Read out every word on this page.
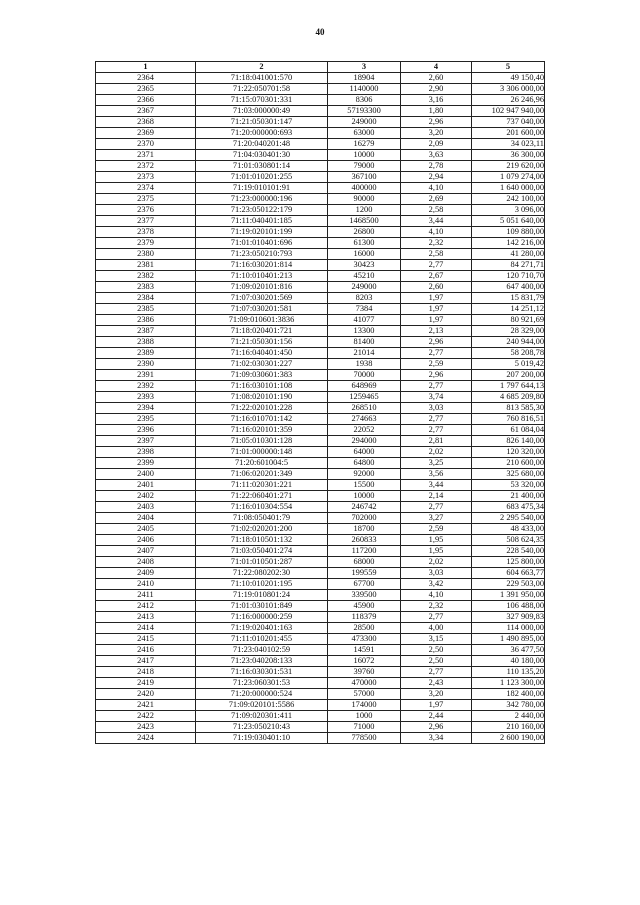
40
1	2	3	4	5
2364	71:18:041001:570	18904	2,60	49 150,40
2365	71:22:050701:58	1140000	2,90	3 306 000,00
2366	71:15:070301:331	8306	3,16	26 246,96
2367	71:03:000000:49	57193300	1,80	102 947 940,00
2368	71:21:050301:147	249000	2,96	737 040,00
2369	71:20:000000:693	63000	3,20	201 600,00
2370	71:20:040201:48	16279	2,09	34 023,11
2371	71:04:030401:30	10000	3,63	36 300,00
2372	71:01:030801:14	79000	2,78	219 620,00
2373	71:01:010201:255	367100	2,94	1 079 274,00
2374	71:19:010101:91	400000	4,10	1 640 000,00
2375	71:23:000000:196	90000	2,69	242 100,00
2376	71:23:050122:179	1200	2,58	3 096,00
2377	71:11:040401:185	1468500	3,44	5 051 640,00
2378	71:19:020101:199	26800	4,10	109 880,00
2379	71:01:010401:696	61300	2,32	142 216,00
2380	71:23:050210:793	16000	2,58	41 280,00
2381	71:16:030201:814	30423	2,77	84 271,71
2382	71:10:010401:213	45210	2,67	120 710,70
2383	71:09:020101:816	249000	2,60	647 400,00
2384	71:07:030201:569	8203	1,97	15 831,79
2385	71:07:030201:581	7384	1,97	14 251,12
2386	71:09:010601:3836	41077	1,97	80 921,69
2387	71:18:020401:721	13300	2,13	28 329,00
2388	71:21:050301:156	81400	2,96	240 944,00
2389	71:16:040401:450	21014	2,77	58 208,78
2390	71:02:030301:227	1938	2,59	5 019,42
2391	71:09:030601:383	70000	2,96	207 200,00
2392	71:16:030101:108	648969	2,77	1 797 644,13
2393	71:08:020101:190	1259465	3,74	4 685 209,80
2394	71:22:020101:228	268510	3,03	813 585,30
2395	71:16:010701:142	274663	2,77	760 816,51
2396	71:16:020101:359	22052	2,77	61 084,04
2397	71:05:010301:128	294000	2,81	826 140,00
2398	71:01:000000:148	64000	2,02	120 320,00
2399	71:20:601004:5	64800	3,25	210 600,00
2400	71:06:020201:349	92000	3,56	325 680,00
2401	71:11:020301:221	15500	3,44	53 320,00
2402	71:22:060401:271	10000	2,14	21 400,00
2403	71:16:010304:554	246742	2,77	683 475,34
2404	71:08:050401:79	702000	3,27	2 295 540,00
2405	71:02:020201:200	18700	2,59	48 433,00
2406	71:18:010501:132	260833	1,95	508 624,35
2407	71:03:050401:274	117200	1,95	228 540,00
2408	71:01:010501:287	68000	2,02	125 800,00
2409	71:22:080202:30	199559	3,03	604 663,77
2410	71:10:010201:195	67700	3,42	229 503,00
2411	71:19:010801:24	339500	4,10	1 391 950,00
2412	71:01:030101:849	45900	2,32	106 488,00
2413	71:16:000000:259	118379	2,77	327 909,83
2414	71:19:020401:163	28500	4,00	114 000,00
2415	71:11:010201:455	473300	3,15	1 490 895,00
2416	71:23:040102:59	14591	2,50	36 477,50
2417	71:23:040208:133	16072	2,50	40 180,00
2418	71:16:030301:531	39760	2,77	110 135,20
2419	71:23:060301:53	470000	2,43	1 123 300,00
2420	71:20:000000:524	57000	3,20	182 400,00
2421	71:09:020101:5586	174000	1,97	342 780,00
2422	71:09:020301:411	1000	2,44	2 440,00
2423	71:23:050210:43	71000	2,96	210 160,00
2424	71:19:030401:10	778500	3,34	2 600 190,00
